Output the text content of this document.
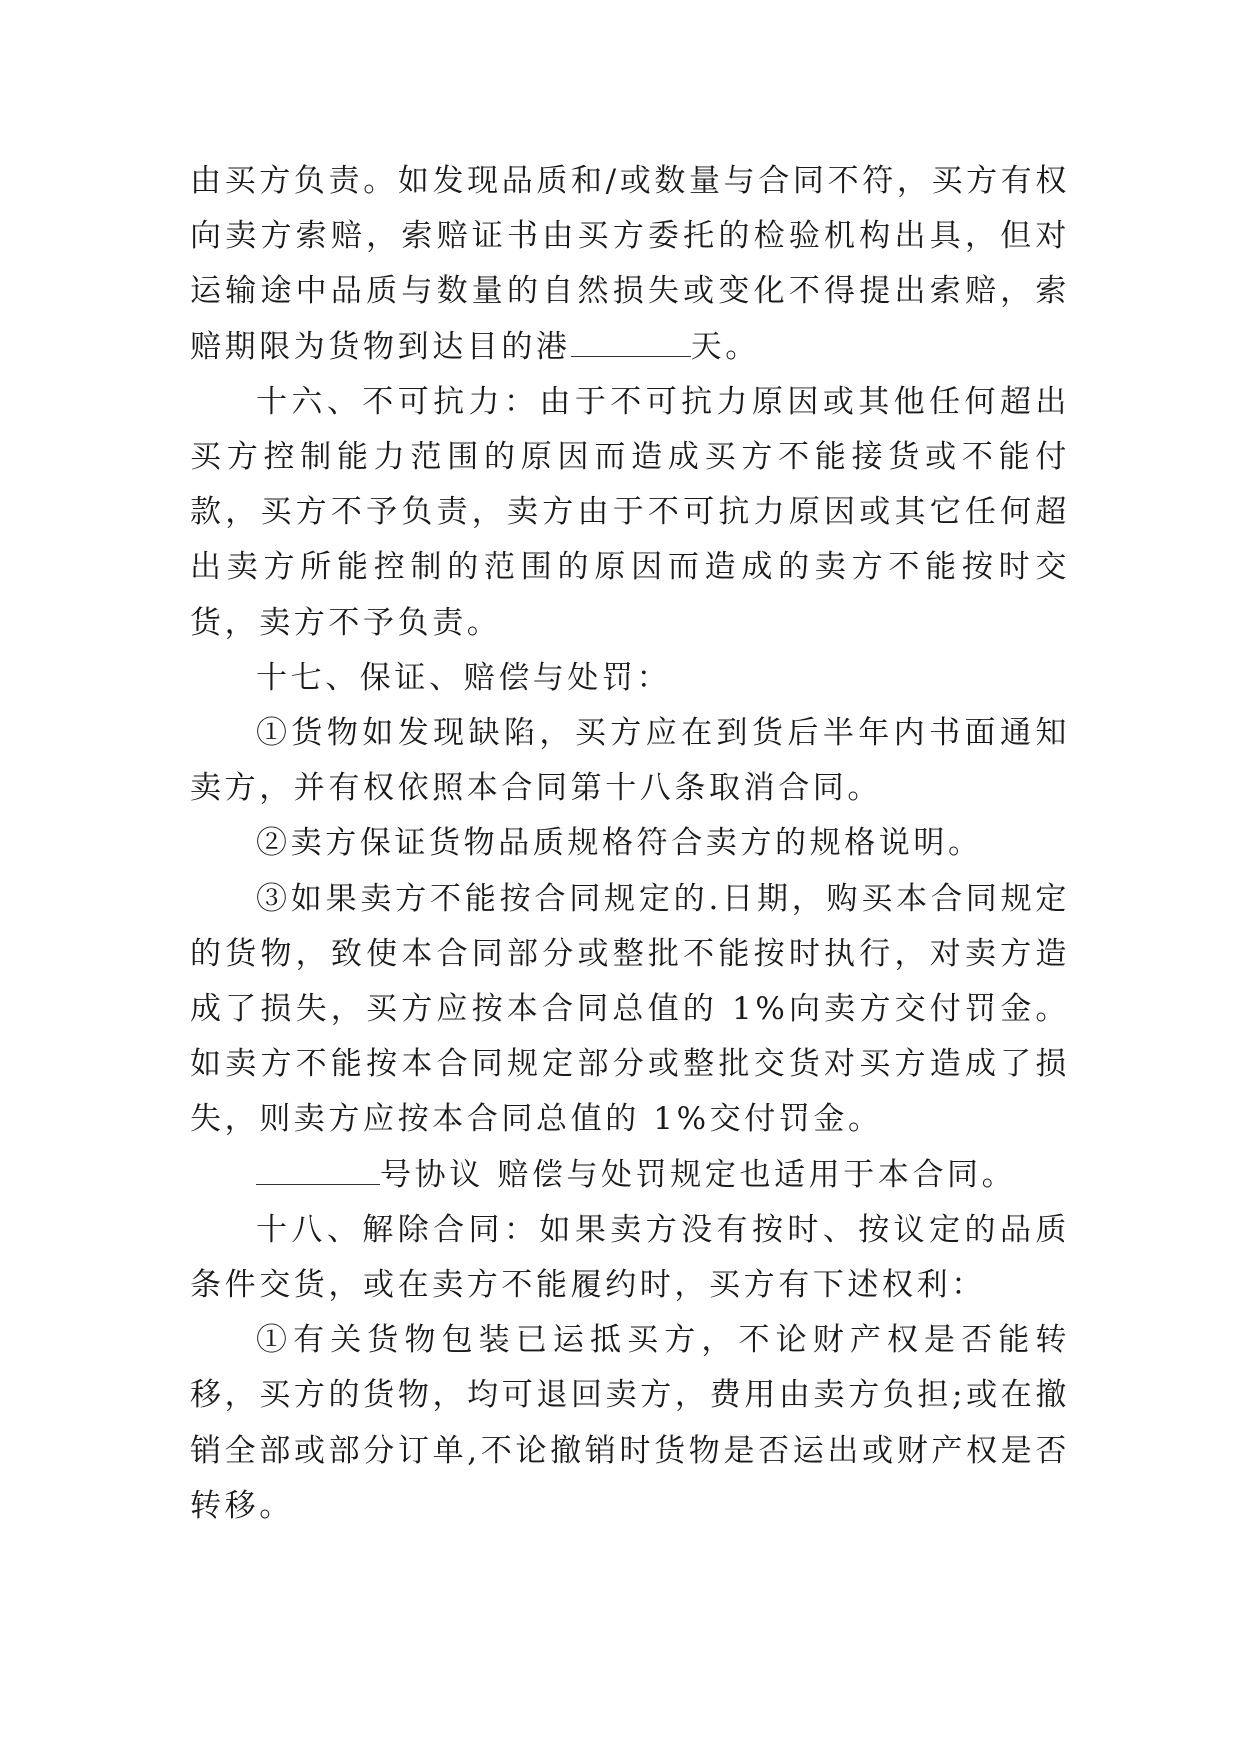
由买方负责。如发现品质和/或数量与合同不符，买方有权向卖方索赔，索赔证书由买方委托的检验机构出具，但对运输途中品质与数量的自然损失或变化不得提出索赔，索赔期限为货物到达目的港	天。

十六、不可抗力：由于不可抗力原因或其他任何超出买方控制能力范围的原因而造成买方不能接货或不能付款，买方不予负责，卖方由于不可抗力原因或其它任何超出卖方所能控制的范围的原因而造成的卖方不能按时交货，卖方不予负责。

十七、保证、赔偿与处罚：

①货物如发现缺陷，买方应在到货后半年内书面通知卖方，并有权依照本合同第十八条取消合同。

②卖方保证货物品质规格符合卖方的规格说明。

③如果卖方不能按合同规定的.日期，购买本合同规定的货物，致使本合同部分或整批不能按时执行，对卖方造成了损失，买方应按本合同总值的 1%向卖方交付罚金。如卖方不能按本合同规定部分或整批交货对买方造成了损失，则卖方应按本合同总值的 1%交付罚金。

号协议 赔偿与处罚规定也适用于本合同。

十八、解除合同：如果卖方没有按时、按议定的品质条件交货，或在卖方不能履约时，买方有下述权利：

①有关货物包装已运抵买方，不论财产权是否能转移，买方的货物，均可退回卖方，费用由卖方负担;或在撤销全部或部分订单,不论撤销时货物是否运出或财产权是否转移。
